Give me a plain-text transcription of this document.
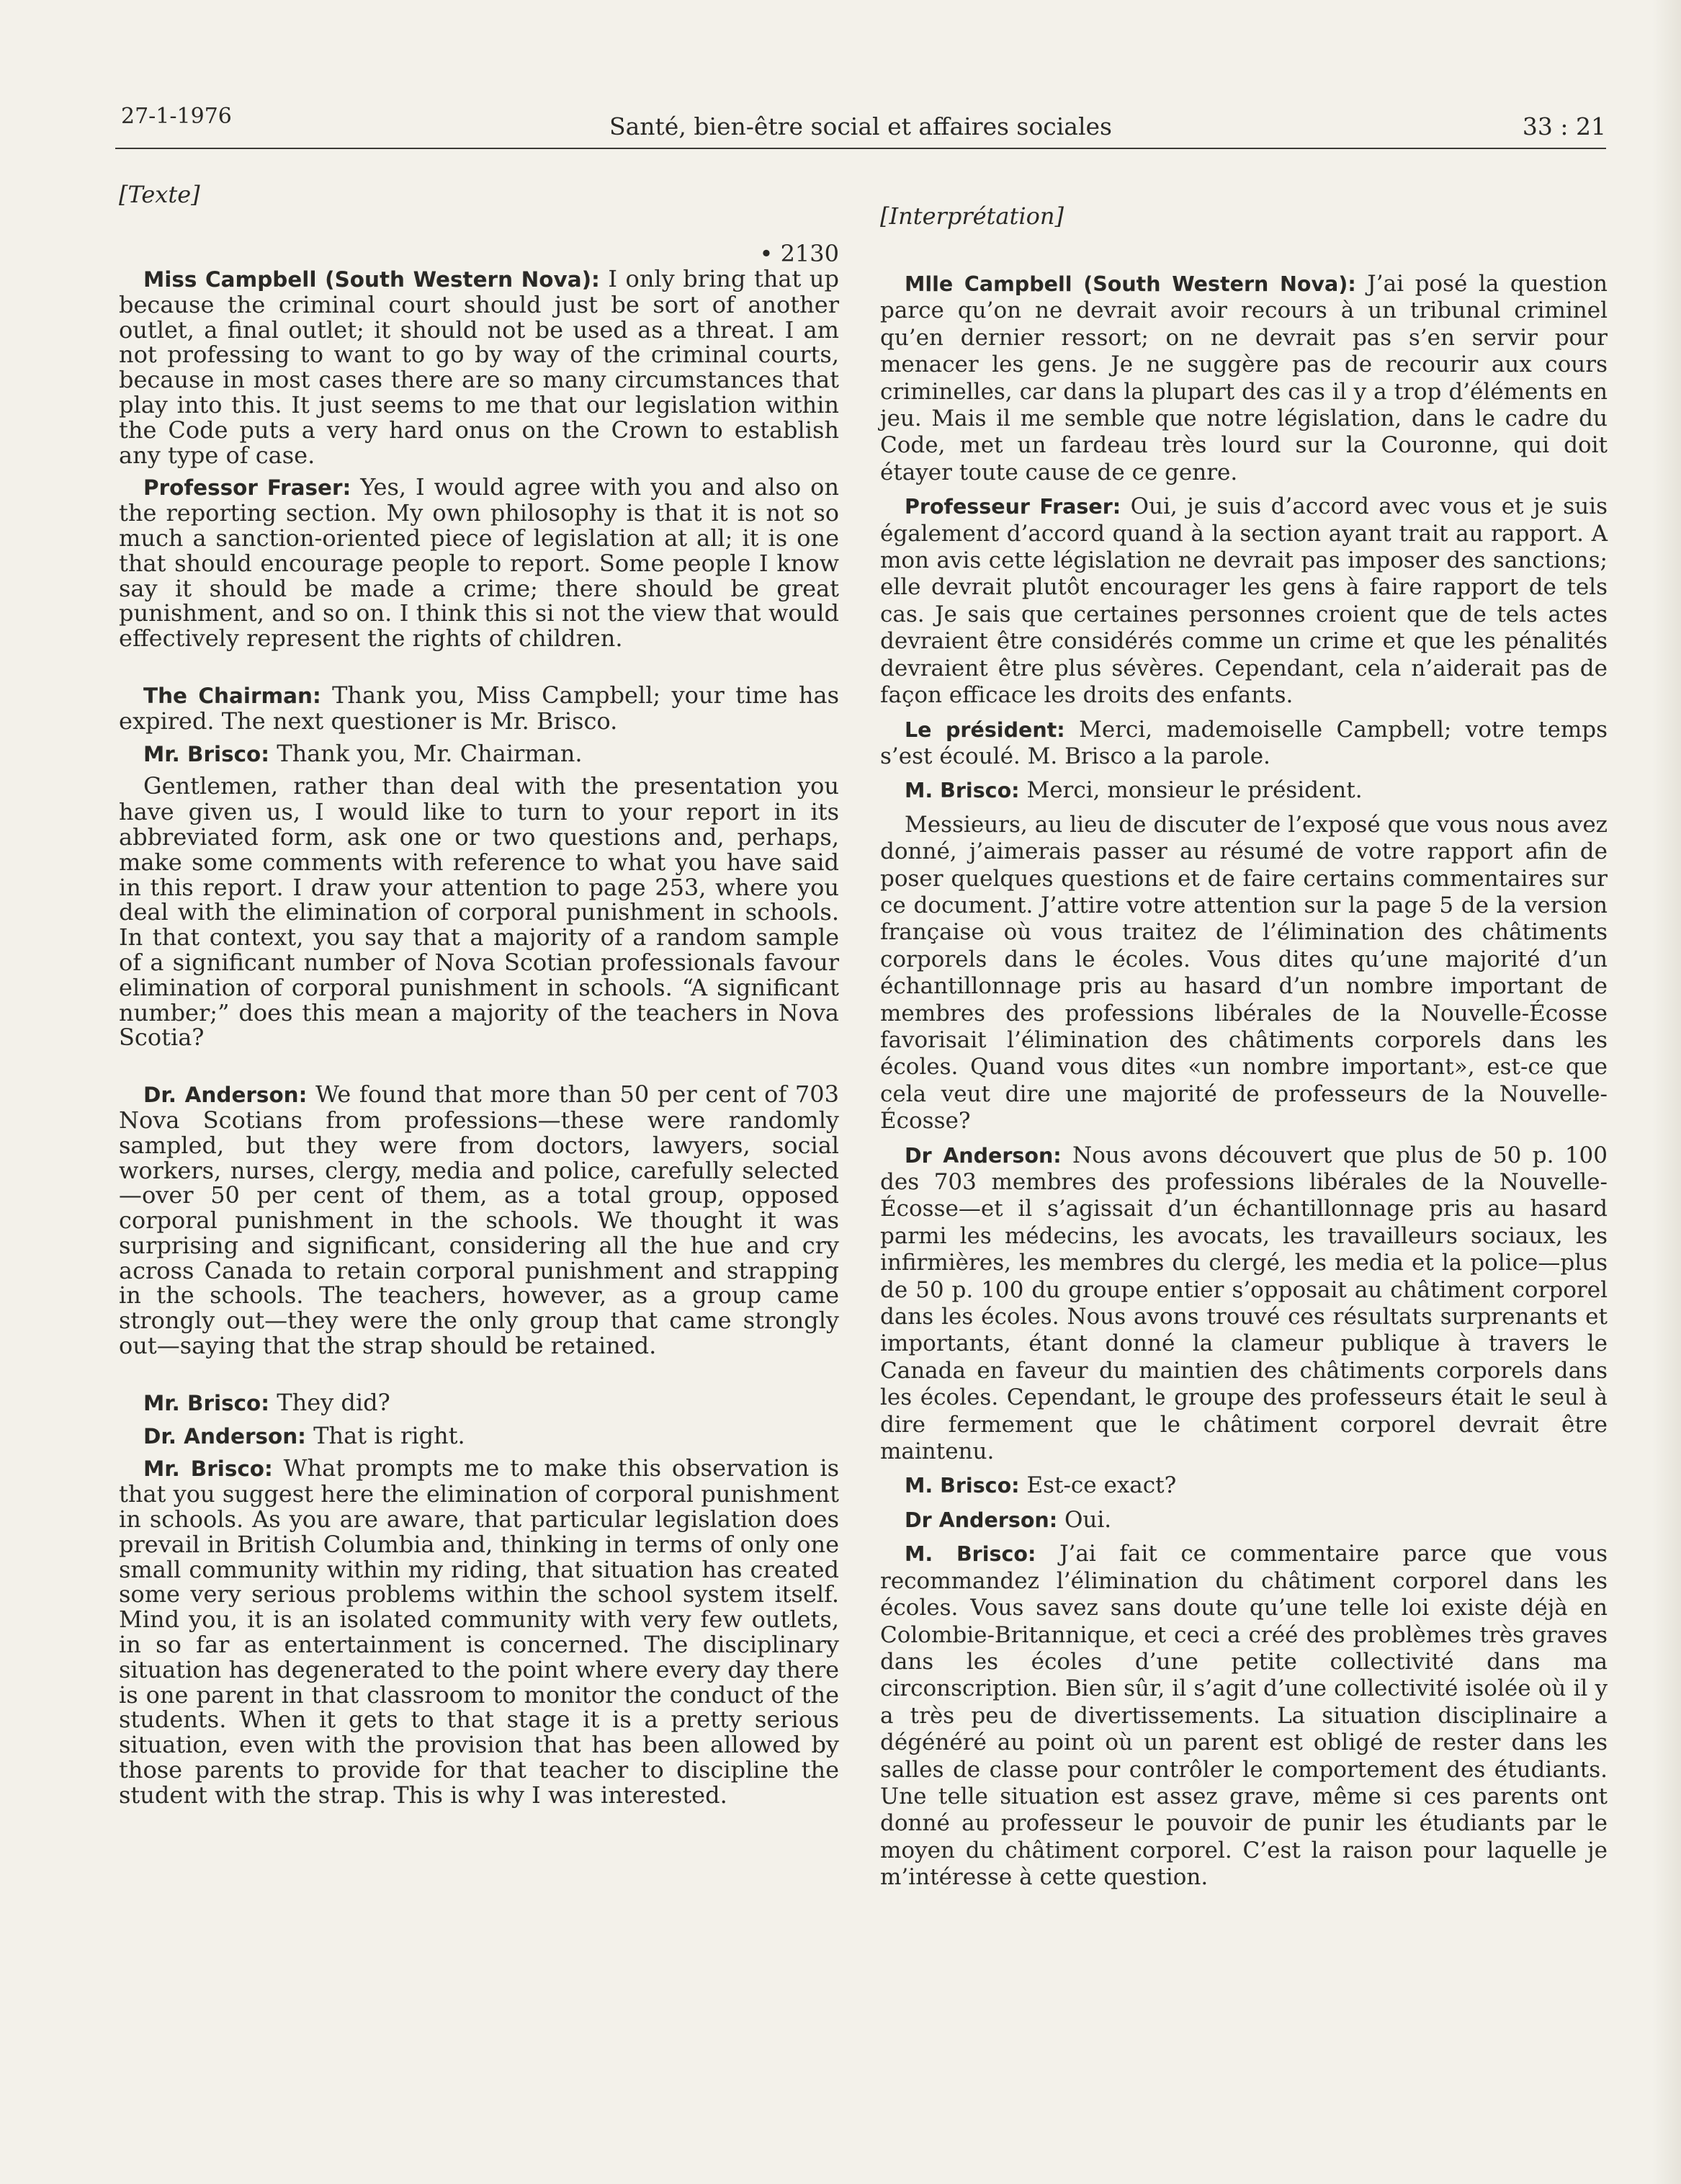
27-1-1976	Santé, bien-être social et affaires sociales	33 : 21
[Texte]
• 2130

Miss Campbell (South Western Nova): I only bring that up because the criminal court should just be sort of another outlet, a final outlet; it should not be used as a threat. I am not professing to want to go by way of the criminal courts, because in most cases there are so many circumstances that play into this. It just seems to me that our legislation within the Code puts a very hard onus on the Crown to establish any type of case.

Professor Fraser: Yes, I would agree with you and also on the reporting section. My own philosophy is that it is not so much a sanction-oriented piece of legislation at all; it is one that should encourage people to report. Some people I know say it should be made a crime; there should be great punishment, and so on. I think this si not the view that would effectively represent the rights of children.

The Chairman: Thank you, Miss Campbell; your time has expired. The next questioner is Mr. Brisco.

Mr. Brisco: Thank you, Mr. Chairman.

Gentlemen, rather than deal with the presentation you have given us, I would like to turn to your report in its abbreviated form, ask one or two questions and, perhaps, make some comments with reference to what you have said in this report. I draw your attention to page 253, where you deal with the elimination of corporal punishment in schools. In that context, you say that a majority of a random sample of a significant number of Nova Scotian professionals favour elimination of corporal punishment in schools. “A significant number;” does this mean a majority of the teachers in Nova Scotia?

Dr. Anderson: We found that more than 50 per cent of 703 Nova Scotians from professions—these were randomly sampled, but they were from doctors, lawyers, social workers, nurses, clergy, media and police, carefully selected—over 50 per cent of them, as a total group, opposed corporal punishment in the schools. We thought it was surprising and significant, considering all the hue and cry across Canada to retain corporal punishment and strapping in the schools. The teachers, however, as a group came strongly out—they were the only group that came strongly out—saying that the strap should be retained.

Mr. Brisco: They did?

Dr. Anderson: That is right.

Mr. Brisco: What prompts me to make this observation is that you suggest here the elimination of corporal punishment in schools. As you are aware, that particular legislation does prevail in British Columbia and, thinking in terms of only one small community within my riding, that situation has created some very serious problems within the school system itself. Mind you, it is an isolated community with very few outlets, in so far as entertainment is concerned. The disciplinary situation has degenerated to the point where every day there is one parent in that classroom to monitor the conduct of the students. When it gets to that stage it is a pretty serious situation, even with the provision that has been allowed by those parents to provide for that teacher to discipline the student with the strap. This is why I was interested.

[Interprétation]

Mlle Campbell (South Western Nova): J’ai posé la question parce qu’on ne devrait avoir recours à un tribunal criminel qu’en dernier ressort; on ne devrait pas s’en servir pour menacer les gens. Je ne suggère pas de recourir aux cours criminelles, car dans la plupart des cas il y a trop d’éléments en jeu. Mais il me semble que notre législation, dans le cadre du Code, met un fardeau très lourd sur la Couronne, qui doit étayer toute cause de ce genre.

Professeur Fraser: Oui, je suis d’accord avec vous et je suis également d’accord quand à la section ayant trait au rapport. A mon avis cette législation ne devrait pas imposer des sanctions; elle devrait plutôt encourager les gens à faire rapport de tels cas. Je sais que certaines personnes croient que de tels actes devraient être considérés comme un crime et que les pénalités devraient être plus sévères. Cependant, cela n’aiderait pas de façon efficace les droits des enfants.

Le président: Merci, mademoiselle Campbell; votre temps s’est écoulé. M. Brisco a la parole.

M. Brisco: Merci, monsieur le président.

Messieurs, au lieu de discuter de l’exposé que vous nous avez donné, j’aimerais passer au résumé de votre rapport afin de poser quelques questions et de faire certains commentaires sur ce document. J’attire votre attention sur la page 5 de la version française où vous traitez de l’élimination des châtiments corporels dans le écoles. Vous dites qu’une majorité d’un échantillonnage pris au hasard d’un nombre important de membres des professions libérales de la Nouvelle-Écosse favorisait l’élimination des châtiments corporels dans les écoles. Quand vous dites «un nombre important», est-ce que cela veut dire une majorité de professeurs de la Nouvelle-Écosse?

Dr Anderson: Nous avons découvert que plus de 50 p. 100 des 703 membres des professions libérales de la Nouvelle-Écosse—et il s’agissait d’un échantillonnage pris au hasard parmi les médecins, les avocats, les travailleurs sociaux, les infirmières, les membres du clergé, les media et la police—plus de 50 p. 100 du groupe entier s’opposait au châtiment corporel dans les écoles. Nous avons trouvé ces résultats surprenants et importants, étant donné la clameur publique à travers le Canada en faveur du maintien des châtiments corporels dans les écoles. Cependant, le groupe des professeurs était le seul à dire fermement que le châtiment corporel devrait être maintenu.

M. Brisco: Est-ce exact?

Dr Anderson: Oui.

M. Brisco: J’ai fait ce commentaire parce que vous recommandez l’élimination du châtiment corporel dans les écoles. Vous savez sans doute qu’une telle loi existe déjà en Colombie-Britannique, et ceci a créé des problèmes très graves dans les écoles d’une petite collectivité dans ma circonscription. Bien sûr, il s’agit d’une collectivité isolée où il y a très peu de divertissements. La situation disciplinaire a dégénéré au point où un parent est obligé de rester dans les salles de classe pour contrôler le comportement des étudiants. Une telle situation est assez grave, même si ces parents ont donné au professeur le pouvoir de punir les étudiants par le moyen du châtiment corporel. C’est la raison pour laquelle je m’intéresse à cette question.
